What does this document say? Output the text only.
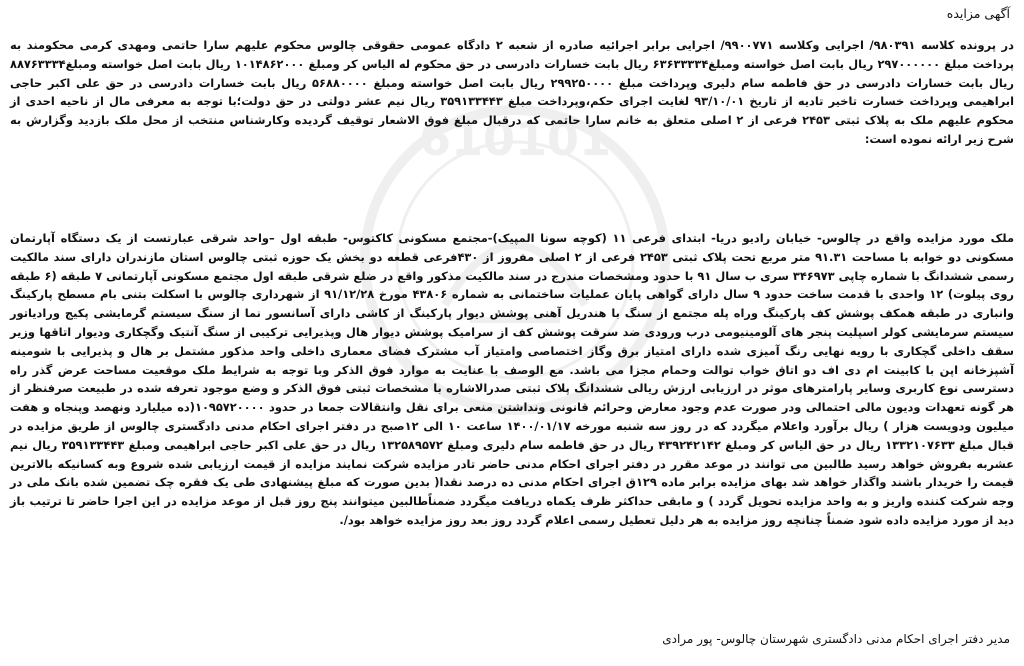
610101
آگهی مزایده

در پرونده کلاسه ۹۸۰۳۹۱/ اجرایی وکلاسه ۹۹۰۰۷۷۱/ اجرایی برابر اجرائیه صادره از شعبه ۲ دادگاه عمومی حقوقی چالوس محکوم علیهم سارا حاتمی ومهدی کرمی محکومند به پرداخت مبلغ ۲۹۷۰۰۰۰۰۰ ریال بابت اصل خواسته ومبلغ۶۳۶۳۳۳۳۴ ریال بابت خسارات دادرسی در حق محکوم له الیاس کر ومبلغ ۱۰۱۴۸۶۲۰۰۰ ریال بابت اصل خواسته ومبلغ۸۸۷۶۳۳۳۴ ریال بابت خسارات دادرسی در حق فاطمه سام دلیری وپرداخت مبلغ ۲۹۹۲۵۰۰۰۰ ریال بابت اصل خواسته ومبلغ ۵۶۸۸۰۰۰۰ ریال بابت خسارات دادرسی در حق علی اکبر حاجی ابراهیمی وپرداخت خسارت تاخیر تادیه از تاریخ ۹۳/۱۰/۰۱ لغایت اجرای حکم،وپرداخت مبلغ ۳۵۹۱۳۳۴۴۳ ریال نیم عشر دولتی در حق دولت؛با توجه به معرفی مال از ناحیه احدی از محکوم علیهم ملک به پلاک ثبتی ۲۴۵۳ فرعی از ۲ اصلی متعلق به خانم سارا حاتمی که درقبال مبلغ فوق الاشعار توقیف گردیده وکارشناس منتخب از محل ملک بازدید وگزارش به شرح زیر ارائه نموده است:

ملک مورد مزایده واقع در چالوس- خیابان رادیو دریا- ابتدای فرعی ۱۱ (کوچه سونا المپیک)-مجتمع مسکونی کاکتوس- طبقه اول –واحد شرقی عبارتست از یک دستگاه آپارتمان مسکونی دو خوابه با مساحت ۹۱.۳۱ متر مربع تحت پلاک ثبتی ۲۴۵۳ فرعی از ۲ اصلی مفروز از ۴۳۰فرعی قطعه دو بخش یک حوزه ثبتی چالوس استان مازندران دارای سند مالکیت رسمی ششدانگ با شماره چاپی ۳۴۶۹۷۳ سری ب سال ۹۱ با حدود ومشخصات مندرج در سند مالکیت مذکور واقع در ضلع شرقی طبقه اول مجتمع مسکونی آپارتمانی ۷ طبقه (۶ طبقه روی پیلوت) ۱۲ واحدی با قدمت ساخت حدود ۹ سال دارای گواهی پایان عملیات ساختمانی به شماره ۴۳۸۰۶ مورخ ۹۱/۱۲/۲۸ از شهرداری چالوس با اسکلت بتنی بام مسطح پارکینگ وانباری در طبقه همکف پوشش کف پارکینگ وراه پله مجتمع از سنگ با هندریل آهنی پوشش دیوار پارکینگ از کاشی دارای آسانسور نما از سنگ سیستم گرمایشی پکیج ورادیاتور سیستم سرمایشی کولر اسپلیت پنجر های آلومینیومی درب ورودی ضد سرقت پوشش کف از سرامیک پوشش دیوار هال وپذیرایی ترکیبی از سنگ آنتیک وگچکاری ودیوار اتاقها وزیر سقف داخلی گچکاری با رویه نهایی رنگ آمیزی شده دارای امتیاز برق وگاز اختصاصی وامتیاز آب مشترک فضای معماری داخلی واحد مذکور مشتمل بر هال و پذیرایی با شومینه آشپزخانه اپن با کابینت ام دی اف دو اتاق خواب توالت وحمام مجزا می باشد. مع الوصف با عنایت به موارد فوق الذکر وبا توجه به شرایط ملک موقعیت مساحت عرض گذر راه دسترسی نوع کاربری وسایر پارامترهای موثر در ارزیابی ارزش ریالی ششدانگ پلاک ثبتی صدرالاشاره با مشخصات ثبتی فوق الذکر و وضع موجود تعرفه شده در طبیعت صرفنظر از هر گونه تعهدات ودیون مالی احتمالی ودر صورت عدم وجود معارض وحرائم قانونی ونداشتن منعی برای نقل وانتقالات جمعا در حدود ۱۰۹۵۷۲۰۰۰۰(ده میلیارد ونهصد وپنجاه و هفت میلیون ودویست هزار ) ریال برآورد واعلام میگردد که در روز سه شنبه مورخه ۱۴۰۰/۰۱/۱۷ ساعت ۱۰ الی ۱۲صبح در دفتر اجرای احکام مدنی دادگستری چالوس از طریق مزایده در قبال مبلغ ۱۳۳۲۱۰۷۶۳۳ ریال در حق الیاس کر ومبلغ ۴۳۹۲۴۲۱۴۲ ریال در حق فاطمه سام دلیری ومبلغ ۱۳۲۵۸۹۵۷۲ ریال در حق علی اکبر حاجی ابراهیمی ومبلغ ۳۵۹۱۳۳۴۴۳ ریال نیم عشربه بفروش خواهد رسید طالبین می توانند در موعد مقرر در دفتر اجرای احکام مدنی حاضر تادر مزایده شرکت نمایند مزایده از قیمت ارزیابی شده شروع وبه کسانیکه بالاترین قیمت را خریدار باشند واگذار خواهد شد بهای مزایده برابر ماده ۱۲۹ق اجرای احکام مدنی ده درصد نقدا( بدین صورت که مبلغ پیشنهادی طی یک فقره چک تضمین شده بانک ملی در وجه شرکت کننده واریز و به واحد مزایده تحویل گردد ) و مابقی حداکثر ظرف یکماه دریافت میگردد ضمناًطالبین میتوانند پنج روز قبل از موعد مزایده در این اجرا حاضر تا ترتیب باز دید از مورد مزایده داده شود ضمناً چنانچه روز مزایده به هر دلیل تعطیل رسمی اعلام گردد روز بعد روز مزایده خواهد بود/.

مدیر دفتر اجرای احکام مدنی دادگستری شهرستان چالوس- پور مرادی
